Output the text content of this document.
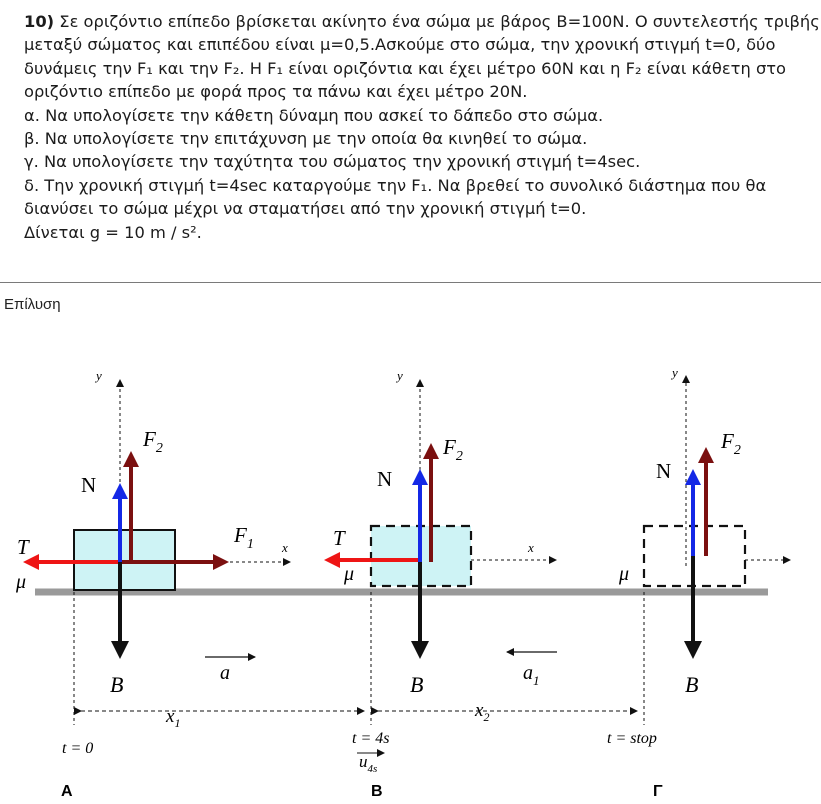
10) Σε οριζόντιο επίπεδο βρίσκεται ακίνητο ένα σώμα με βάρος B=100N. Ο συντελεστής τριβής

μεταξύ σώματος και επιπέδου είναι μ=0,5.Ασκούμε στο σώμα, την χρονική στιγμή t=0, δύο

δυνάμεις την F₁ και την F₂. Η F₁ είναι οριζόντια και έχει μέτρο 60N και η F₂ είναι κάθετη στο

οριζόντιο επίπεδο με φορά προς τα πάνω και έχει μέτρο 20N.

α. Να υπολογίσετε την κάθετη δύναμη που ασκεί το δάπεδο στο σώμα.

β. Να υπολογίσετε την επιτάχυνση με την οποία θα κινηθεί το σώμα.

γ. Να υπολογίσετε την ταχύτητα του σώματος την χρονική στιγμή t=4sec.

δ. Την χρονική στιγμή t=4sec καταργούμε την F₁. Να βρεθεί το συνολικό διάστημα που θα

διανύσει το σώμα μέχρι να σταματήσει από την χρονική στιγμή t=0.

Δίνεται g = 10 m / s².

Επίλυση
y
x
$F_2$
N
T	$F_1$
μ
B	a
y
x
$F_2$
N
T
μ
B	$a_1$
y
$F_2$
N
μ
B
$x_1$
$x_2$
t = 0
t = 4s	t = stop
$u_{4s}$
Α	Β	Γ
